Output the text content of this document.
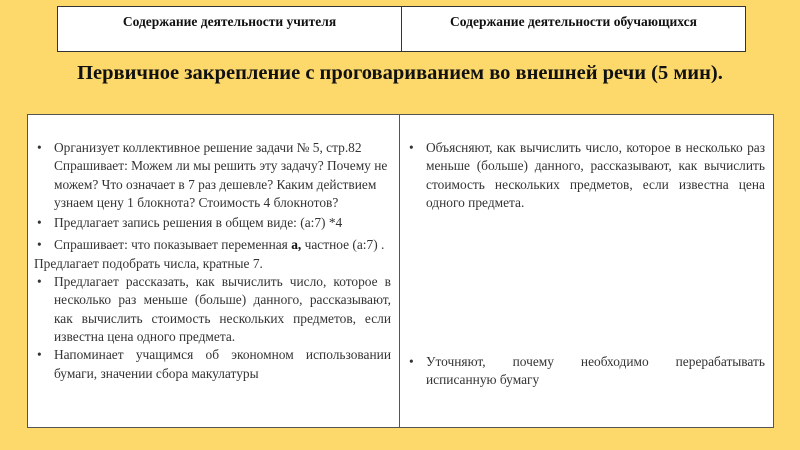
Содержание деятельности учителя	Содержание деятельности обучающихся
Первичное закрепление с проговариванием во внешней речи (5 мин).
• Организует коллективное решение задачи № 5, стр.82 Спрашивает: Можем ли мы решить эту задачу? Почему не можем? Что означает в 7 раз дешевле? Каким действием узнаем цену 1 блокнота? Стоимость 4 блокнотов?
• Предлагает запись решения в общем виде: (а:7) *4
• Спрашивает: что показывает переменная а, частное (а:7) . Предлагает подобрать числа, кратные 7.
• Предлагает рассказать, как вычислить число, которое в несколько раз меньше (больше) данного, рассказывают, как вычислить стоимость нескольких предметов, если известна цена одного предмета.
• Напоминает учащимся об экономном использовании бумаги, значении сбора макулатуры
• Объясняют, как вычислить число, которое в несколько раз меньше (больше) данного, рассказывают, как вычислить стоимость нескольких предметов, если известна цена одного предмета.
• Уточняют, почему необходимо перерабатывать исписанную бумагу
